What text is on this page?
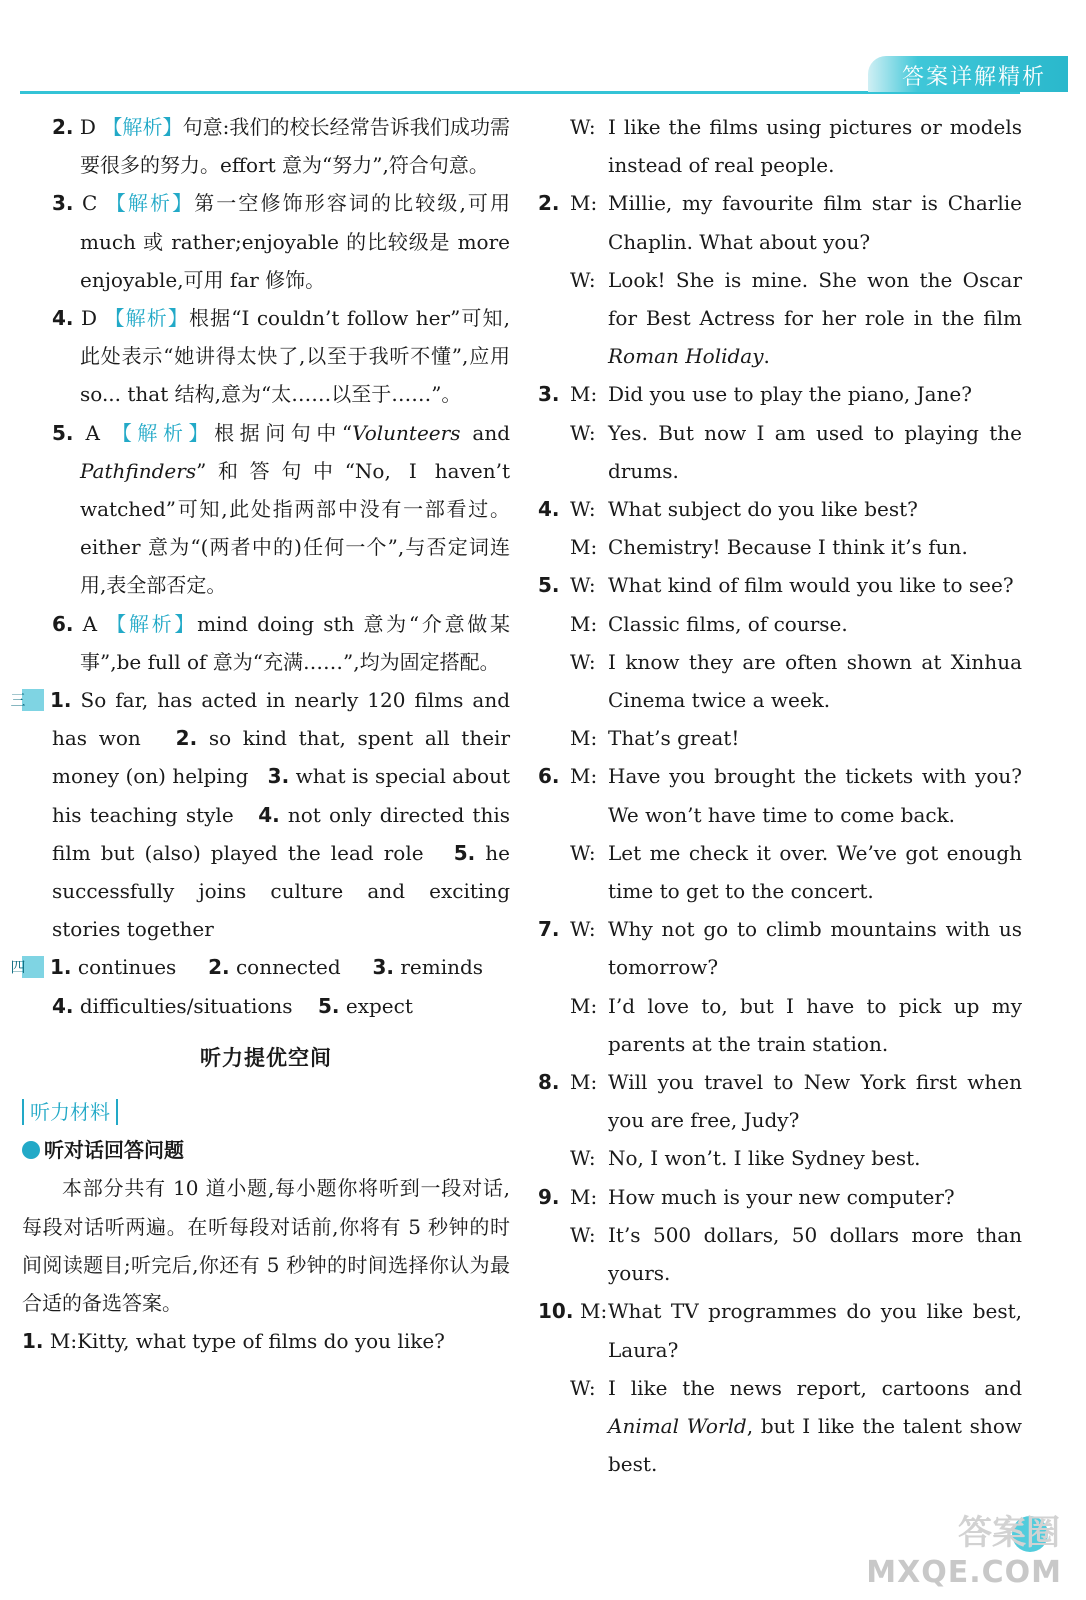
答案详解精析
2. D 【解析】句意:我们的校长经常告诉我们成功需要很多的努力。effort 意为“努力”,符合句意。
3. C 【解析】第一空修饰形容词的比较级,可用 much 或 rather;enjoyable 的比较级是 more enjoyable,可用 far 修饰。
4. D 【解析】根据“I couldn’t follow her”可知,此处表示“她讲得太快了,以至于我听不懂”,应用 so... that 结构,意为“太……以至于……”。
5. A 【解析】根据问句中“Volunteers and Pathfinders”和答句中“No, I haven’t watched”可知,此处指两部中没有一部看过。either 意为“(两者中的)任何一个”,与否定词连用,表全部否定。
6. A 【解析】mind doing sth 意为“介意做某事”,be full of 意为“充满……”,均为固定搭配。
三 1. So far, has acted in nearly 120 films and has won 2. so kind that, spent all their money (on) helping 3. what is special about his teaching style 4. not only directed this film but (also) played the lead role 5. he successfully joins culture and exciting stories together
四 1. continues 2. connected 3. reminds
4. difficulties/situations 5. expect
听力提优空间
听力材料
听对话回答问题
本部分共有 10 道小题,每小题你将听到一段对话,每段对话听两遍。在听每段对话前,你将有 5 秒钟的时间阅读题目;听完后,你还有 5 秒钟的时间选择你认为最合适的备选答案。
1. M:Kitty, what type of films do you like?
W: I like the films using pictures or models instead of real people.
2. M: Millie, my favourite film star is Charlie Chaplin. What about you?
W: Look! She is mine. She won the Oscar for Best Actress for her role in the film Roman Holiday.
3. M: Did you use to play the piano, Jane?
W: Yes. But now I am used to playing the drums.
4. W: What subject do you like best?
M: Chemistry! Because I think it’s fun.
5. W: What kind of film would you like to see?
M: Classic films, of course.
W: I know they are often shown at Xinhua Cinema twice a week.
M: That’s great!
6. M: Have you brought the tickets with you? We won’t have time to come back.
W: Let me check it over. We’ve got enough time to get to the concert.
7. W: Why not go to climb mountains with us tomorrow?
M: I’d love to, but I have to pick up my parents at the train station.
8. M: Will you travel to New York first when you are free, Judy?
W: No, I won’t. I like Sydney best.
9. M: How much is your new computer?
W: It’s 500 dollars, 50 dollars more than yours.
10. M: What TV programmes do you like best, Laura?
W: I like the news report, cartoons and Animal World, but I like the talent show best.
答案圈
MXQE.COM
